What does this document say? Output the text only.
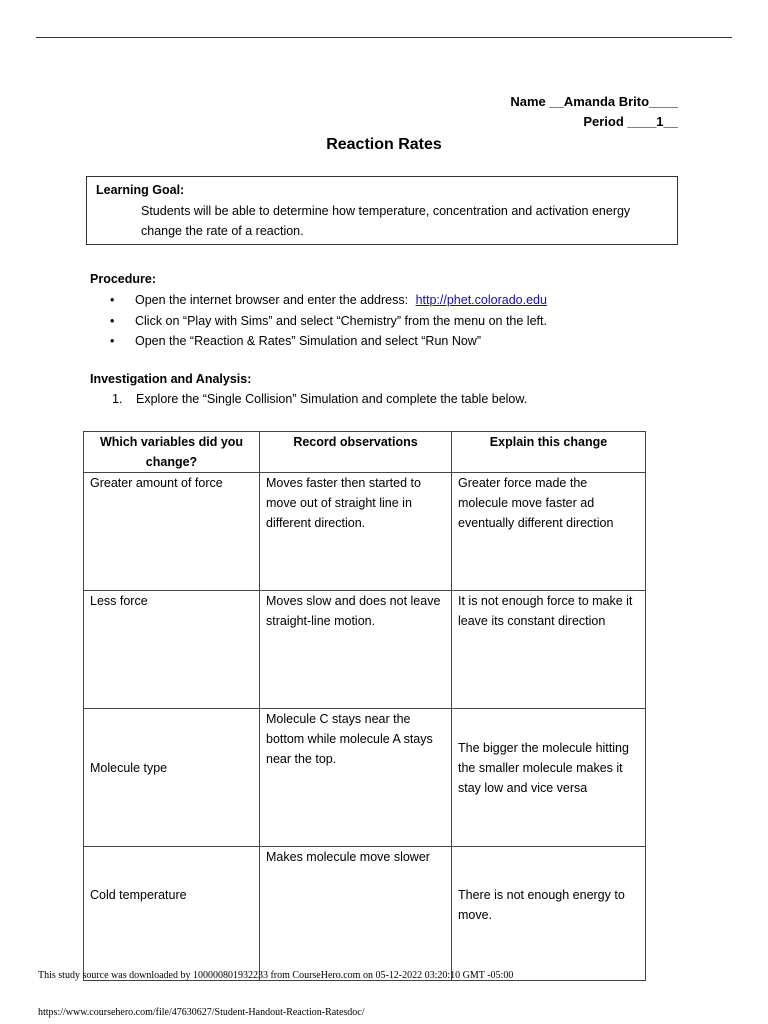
Name __Amanda Brito____
Period ____1__
Reaction Rates
Learning Goal:
Students will be able to determine how temperature, concentration and activation energy change the rate of a reaction.
Procedure:
• Open the internet browser and enter the address: http://phet.colorado.edu
• Click on “Play with Sims” and select “Chemistry” from the menu on the left.
• Open the “Reaction & Rates” Simulation and select “Run Now”
Investigation and Analysis:
1. Explore the “Single Collision” Simulation and complete the table below.
Which variables did you change?	Record observations	Explain this change
Greater amount of force	Moves faster then started to move out of straight line in different direction.	Greater force made the molecule move faster ad eventually different direction
Less force	Moves slow and does not leave straight-line motion.	It is not enough force to make it leave its constant direction
Molecule type	Molecule C stays near the bottom while molecule A stays near the top.	The bigger the molecule hitting the smaller molecule makes it stay low and vice versa
Cold temperature	Makes molecule move slower	There is not enough energy to move.
This study source was downloaded by 100000801932233 from CourseHero.com on 05-12-2022 03:20:10 GMT -05:00
https://www.coursehero.com/file/47630627/Student-Handout-Reaction-Ratesdoc/
